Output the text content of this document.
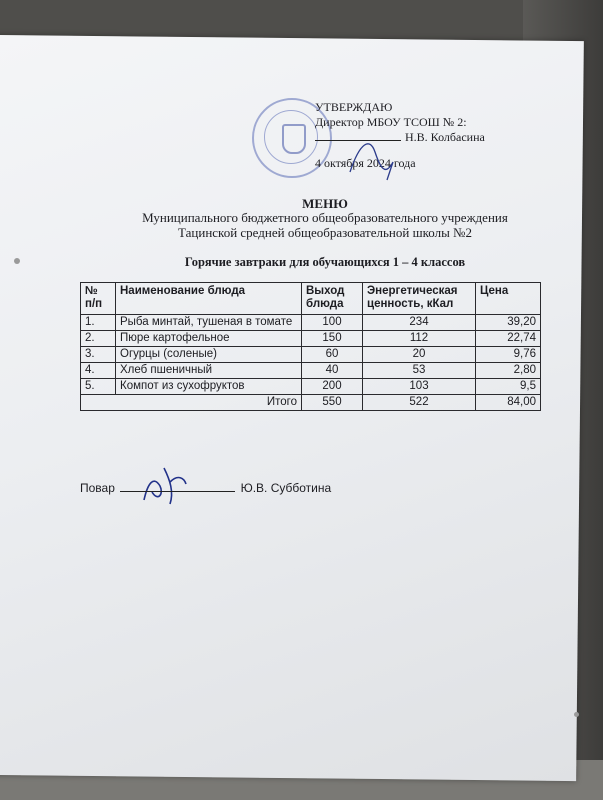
УТВЕРЖДАЮ
Директор МБОУ ТСОШ № 2:
Н.В. Колбасина
4 октября 2024 года
МЕНЮ
Муниципального бюджетного общеобразовательного учреждения
Тацинской средней общеобразовательной школы №2
Горячие завтраки для обучающихся 1 – 4 классов
№ п/п	Наименование блюда	Выход блюда	Энергетическая ценность, кКал	Цена
1.	Рыба минтай, тушеная в томате	100	234	39,20
2.	Пюре картофельное	150	112	22,74
3.	Огурцы (соленые)	60	20	9,76
4.	Хлеб пшеничный	40	53	2,80
5.	Компот из сухофруктов	200	103	9,5
Итого		550	522	84,00
Повар	Ю.В. Субботина
